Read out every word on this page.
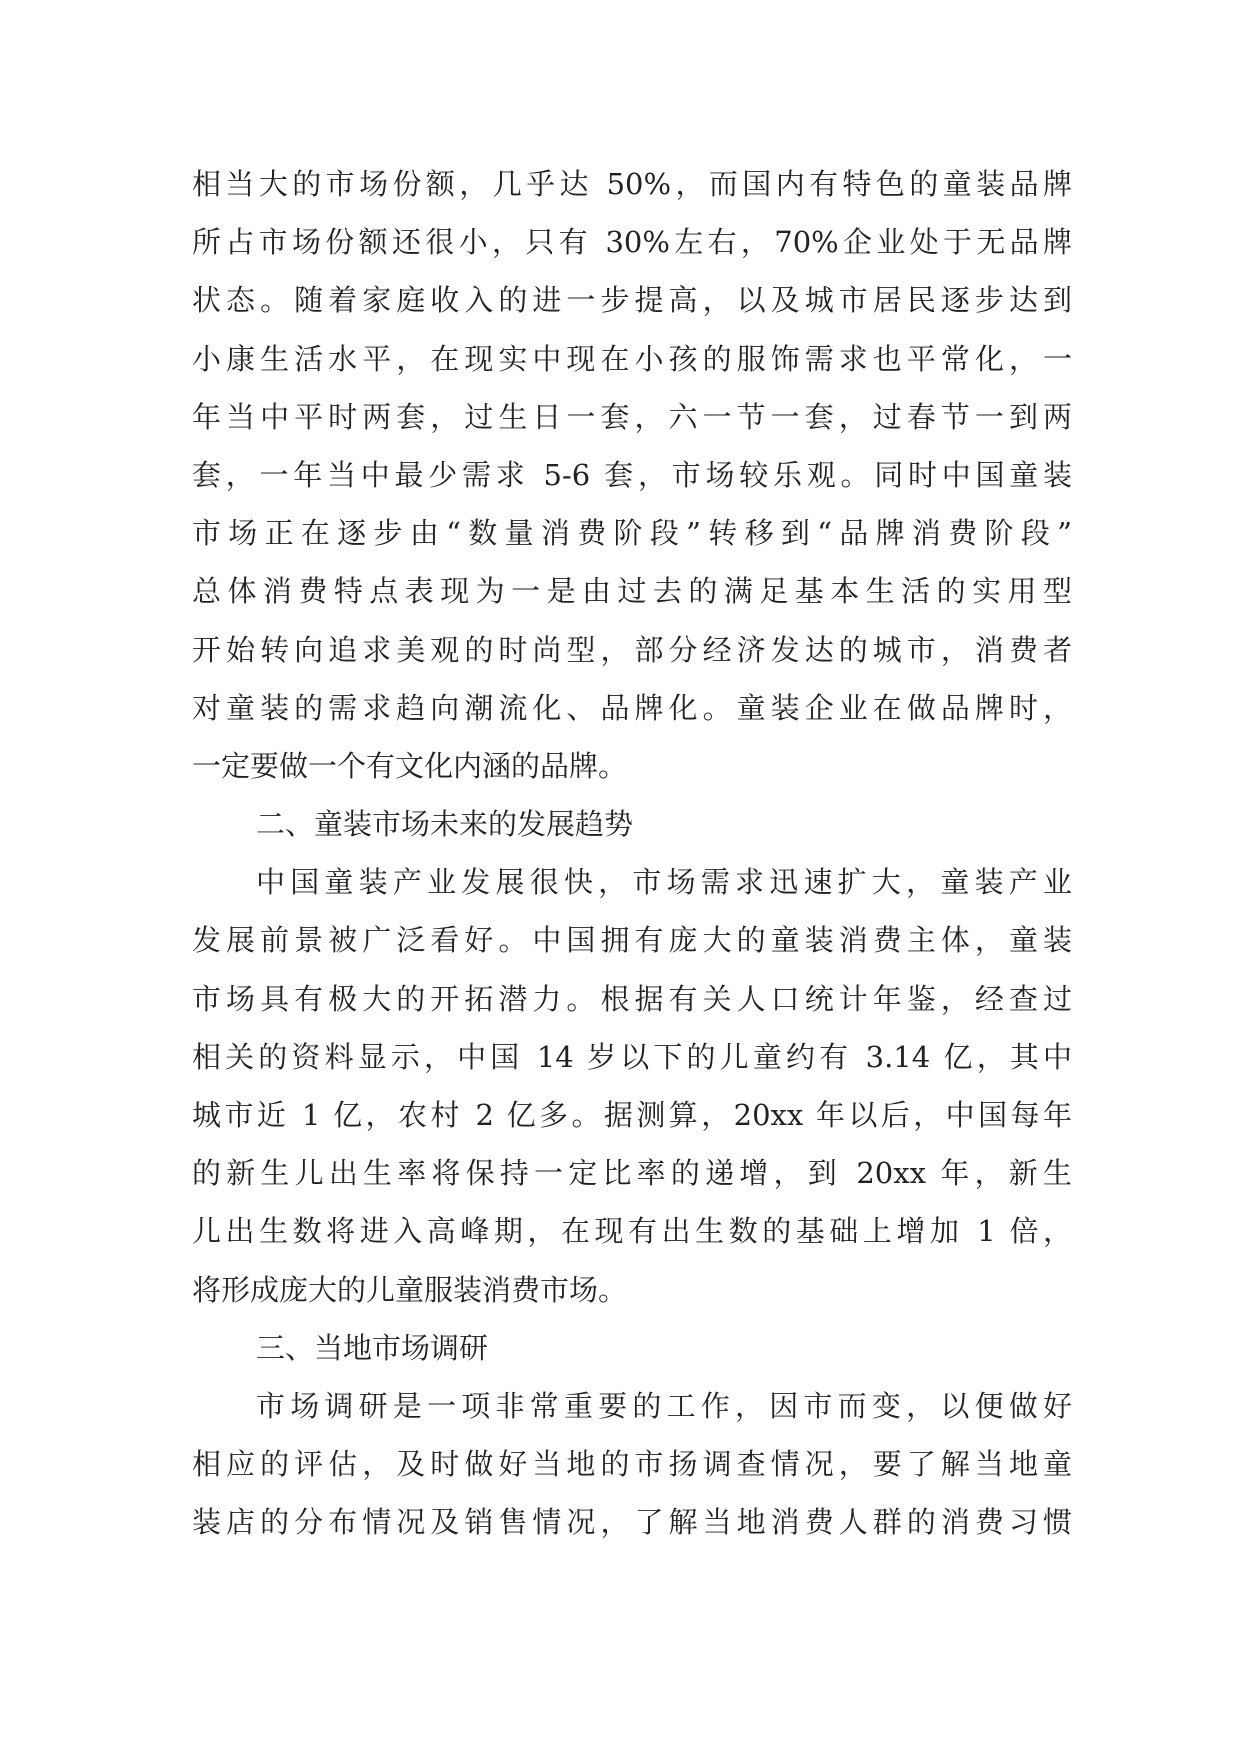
相当大的市场份额，几乎达 50%，而国内有特色的童装品牌
所占市场份额还很小，只有 30%左右，70%企业处于无品牌
状态。随着家庭收入的进一步提高，以及城市居民逐步达到
小康生活水平，在现实中现在小孩的服饰需求也平常化，一
年当中平时两套，过生日一套，六一节一套，过春节一到两
套，一年当中最少需求 5-6 套，市场较乐观。同时中国童装
市场正在逐步由“数量消费阶段”转移到“品牌消费阶段”
总体消费特点表现为一是由过去的满足基本生活的实用型
开始转向追求美观的时尚型，部分经济发达的城市，消费者
对童装的需求趋向潮流化、品牌化。童装企业在做品牌时，
一定要做一个有文化内涵的品牌。
二、童装市场未来的发展趋势
中国童装产业发展很快，市场需求迅速扩大，童装产业
发展前景被广泛看好。中国拥有庞大的童装消费主体，童装
市场具有极大的开拓潜力。根据有关人口统计年鉴，经查过
相关的资料显示，中国 14 岁以下的儿童约有 3.14 亿，其中
城市近 1 亿，农村 2 亿多。据测算，20xx 年以后，中国每年
的新生儿出生率将保持一定比率的递增，到 20xx 年，新生
儿出生数将进入高峰期，在现有出生数的基础上增加 1 倍，
将形成庞大的儿童服装消费市场。
三、当地市场调研
市场调研是一项非常重要的工作，因市而变，以便做好
相应的评估，及时做好当地的市扬调查情况，要了解当地童
装店的分布情况及销售情况，了解当地消费人群的消费习惯
